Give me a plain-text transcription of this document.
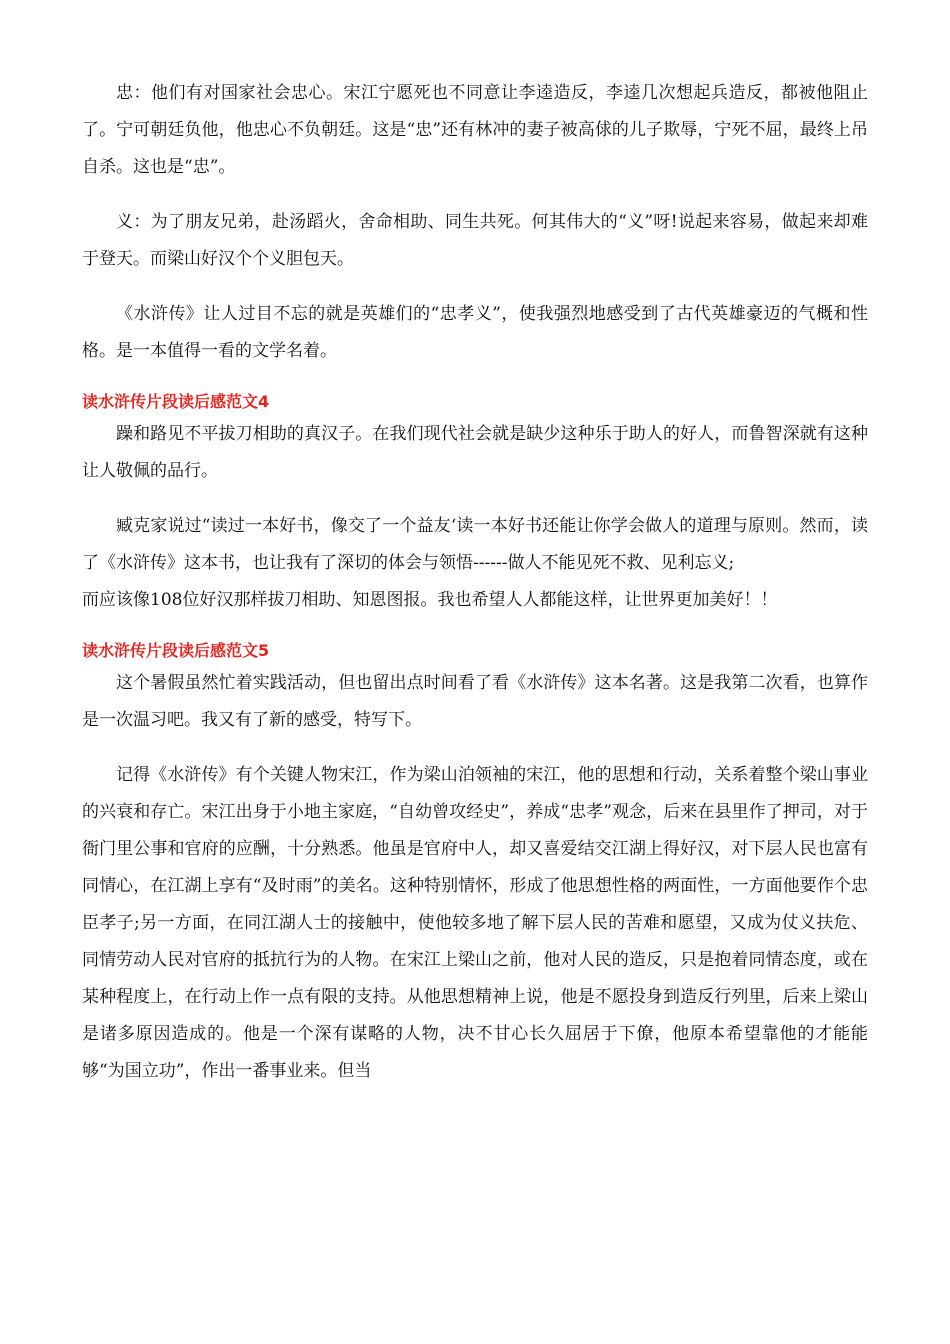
忠：他们有对国家社会忠心。宋江宁愿死也不同意让李逵造反，李逵几次想起兵造反，都被他阻止了。宁可朝廷负他，他忠心不负朝廷。这是“忠”还有林冲的妻子被高俅的儿子欺辱，宁死不屈，最终上吊自杀。这也是“忠”。

义：为了朋友兄弟，赴汤蹈火，舍命相助、同生共死。何其伟大的“义”呀!说起来容易，做起来却难于登天。而梁山好汉个个义胆包天。

《水浒传》让人过目不忘的就是英雄们的“忠孝义”，使我强烈地感受到了古代英雄豪迈的气概和性格。是一本值得一看的文学名着。

读水浒传片段读后感范文4

躁和路见不平拔刀相助的真汉子。在我们现代社会就是缺少这种乐于助人的好人，而鲁智深就有这种让人敬佩的品行。

臧克家说过“读过一本好书，像交了一个益友‘读一本好书还能让你学会做人的道理与原则。然而，读了《水浒传》这本书，也让我有了深切的体会与领悟------做人不能见死不救、见利忘义;

而应该像108位好汉那样拔刀相助、知恩图报。我也希望人人都能这样，让世界更加美好！！

读水浒传片段读后感范文5

这个暑假虽然忙着实践活动，但也留出点时间看了看《水浒传》这本名著。这是我第二次看，也算作是一次温习吧。我又有了新的感受，特写下。

记得《水浒传》有个关键人物宋江，作为梁山泊领袖的宋江，他的思想和行动，关系着整个梁山事业的兴衰和存亡。宋江出身于小地主家庭，“自幼曾攻经史”，养成“忠孝”观念，后来在县里作了押司，对于衙门里公事和官府的应酬，十分熟悉。他虽是官府中人，却又喜爱结交江湖上得好汉，对下层人民也富有同情心，在江湖上享有“及时雨”的美名。这种特别情怀，形成了他思想性格的两面性，一方面他要作个忠臣孝子;另一方面，在同江湖人士的接触中，使他较多地了解下层人民的苦难和愿望，又成为仗义扶危、同情劳动人民对官府的抵抗行为的人物。在宋江上梁山之前，他对人民的造反，只是抱着同情态度，或在某种程度上，在行动上作一点有限的支持。从他思想精神上说，他是不愿投身到造反行列里，后来上梁山是诸多原因造成的。他是一个深有谋略的人物，决不甘心长久屈居于下僚，他原本希望靠他的才能能够“为国立功”，作出一番事业来。但当
